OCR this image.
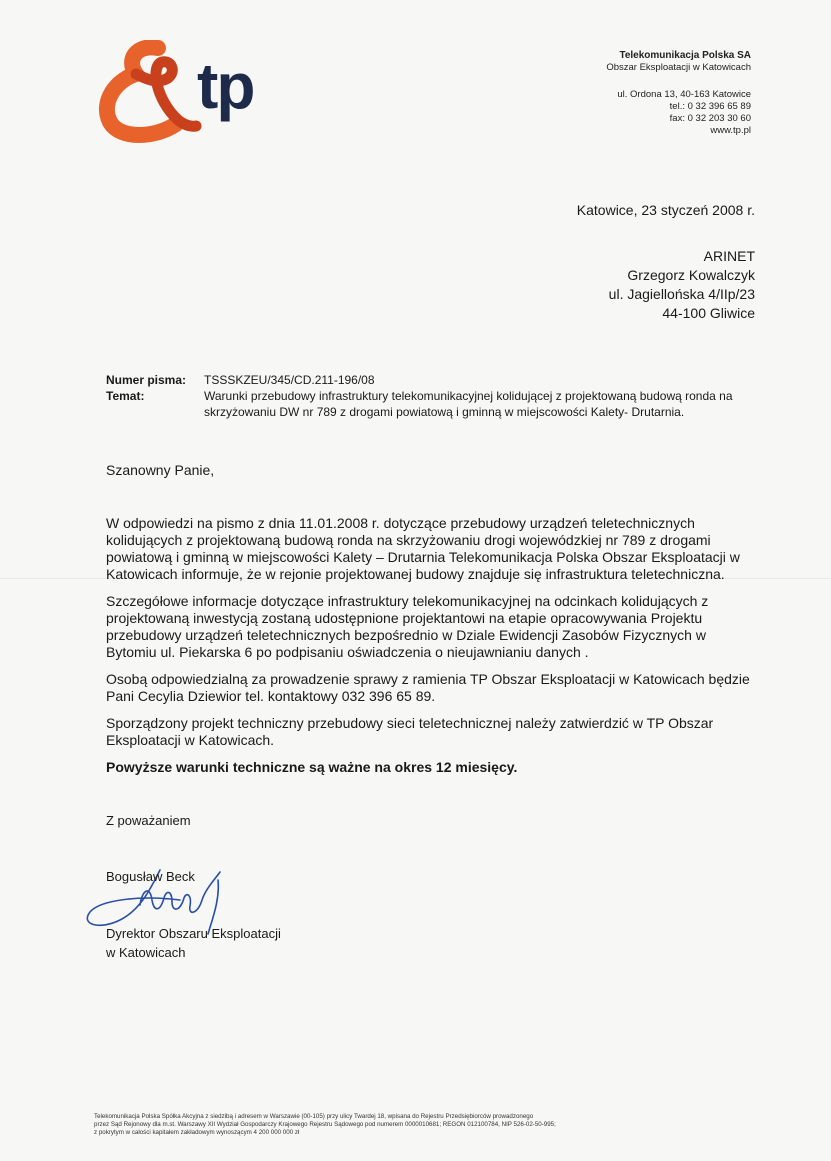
tp	Telekomunikacja Polska SA
Obszar Eksploatacji w Katowicach
ul. Ordona 13, 40-163 Katowice
tel.: 0 32 396 65 89
fax: 0 32 203 30 60
www.tp.pl
Katowice, 23 styczeń 2008 r.
ARINET
Grzegorz Kowalczyk
ul. Jagiellońska 4/IIp/23
44-100 Gliwice
Numer pisma:	TSSSKZEU/345/CD.211-196/08
Temat:	Warunki przebudowy infrastruktury telekomunikacyjnej kolidującej z projektowaną budową ronda na skrzyżowaniu DW nr 789 z drogami powiatową i gminną w miejscowości Kalety- Drutarnia.
Szanowny Panie,

W odpowiedzi na pismo z dnia 11.01.2008 r. dotyczące przebudowy urządzeń teletechnicznych kolidujących z projektowaną budową ronda na skrzyżowaniu drogi wojewódzkiej nr 789 z drogami powiatową i gminną w miejscowości Kalety – Drutarnia Telekomunikacja Polska Obszar Eksploatacji w Katowicach informuje, że w rejonie projektowanej budowy znajduje się infrastruktura teletechniczna.

Szczegółowe informacje dotyczące infrastruktury telekomunikacyjnej na odcinkach kolidujących z projektowaną inwestycją zostaną udostępnione projektantowi na etapie opracowywania Projektu przebudowy urządzeń teletechnicznych bezpośrednio w Dziale Ewidencji Zasobów Fizycznych w Bytomiu ul. Piekarska 6 po podpisaniu oświadczenia o nieujawnianiu danych .

Osobą odpowiedzialną za prowadzenie sprawy z ramienia TP Obszar Eksploatacji w Katowicach będzie Pani Cecylia Dziewior tel. kontaktowy 032 396 65 89.

Sporządzony projekt techniczny przebudowy sieci teletechnicznej należy zatwierdzić w TP Obszar Eksploatacji w Katowicach.

Powyższe warunki techniczne są ważne na okres 12 miesięcy.

Z poważaniem
Bogusław Beck
Dyrektor Obszaru Eksploatacji
w Katowicach
Telekomunikacja Polska Spółka Akcyjna z siedzibą i adresem w Warszawie (00-105) przy ulicy Twardej 18, wpisana do Rejestru Przedsiębiorców prowadzonego
przez Sąd Rejonowy dla m.st. Warszawy XII Wydział Gospodarczy Krajowego Rejestru Sądowego pod numerem 0000010681; REGON 012100784, NIP 526-02-50-995;
z pokrytym w całości kapitałem zakładowym wynoszącym 4 200 000 000 zł
